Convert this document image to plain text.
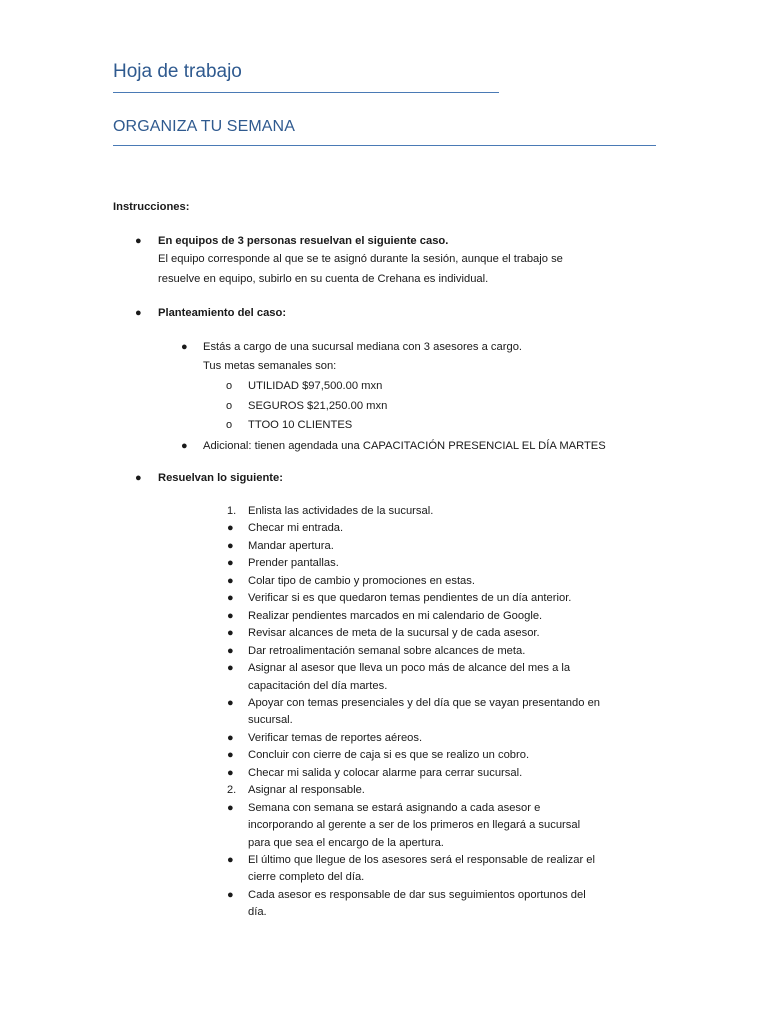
Hoja de trabajo
ORGANIZA TU SEMANA
Instrucciones:
● En equipos de 3 personas resuelvan el siguiente caso.
El equipo corresponde al que se te asignó durante la sesión, aunque el trabajo se
resuelve en equipo, subirlo en su cuenta de Crehana es individual.
● Planteamiento del caso:
● Estás a cargo de una sucursal mediana con 3 asesores a cargo.
Tus metas semanales son:
o UTILIDAD $97,500.00 mxn
o SEGUROS $21,250.00 mxn
o TTOO 10 CLIENTES
● Adicional: tienen agendada una CAPACITACIÓN PRESENCIAL EL DÍA MARTES
● Resuelvan lo siguiente:
1. Enlista las actividades de la sucursal.
● Checar mi entrada.
● Mandar apertura.
● Prender pantallas.
● Colar tipo de cambio y promociones en estas.
● Verificar si es que quedaron temas pendientes de un día anterior.
● Realizar pendientes marcados en mi calendario de Google.
● Revisar alcances de meta de la sucursal y de cada asesor.
● Dar retroalimentación semanal sobre alcances de meta.
● Asignar al asesor que lleva un poco más de alcance del mes a la
capacitación del día martes.
● Apoyar con temas presenciales y del día que se vayan presentando en
sucursal.
● Verificar temas de reportes aéreos.
● Concluir con cierre de caja si es que se realizo un cobro.
● Checar mi salida y colocar alarme para cerrar sucursal.
2. Asignar al responsable.
● Semana con semana se estará asignando a cada asesor e
incorporando al gerente a ser de los primeros en llegará a sucursal
para que sea el encargo de la apertura.
● El último que llegue de los asesores será el responsable de realizar el
cierre completo del día.
● Cada asesor es responsable de dar sus seguimientos oportunos del
día.
